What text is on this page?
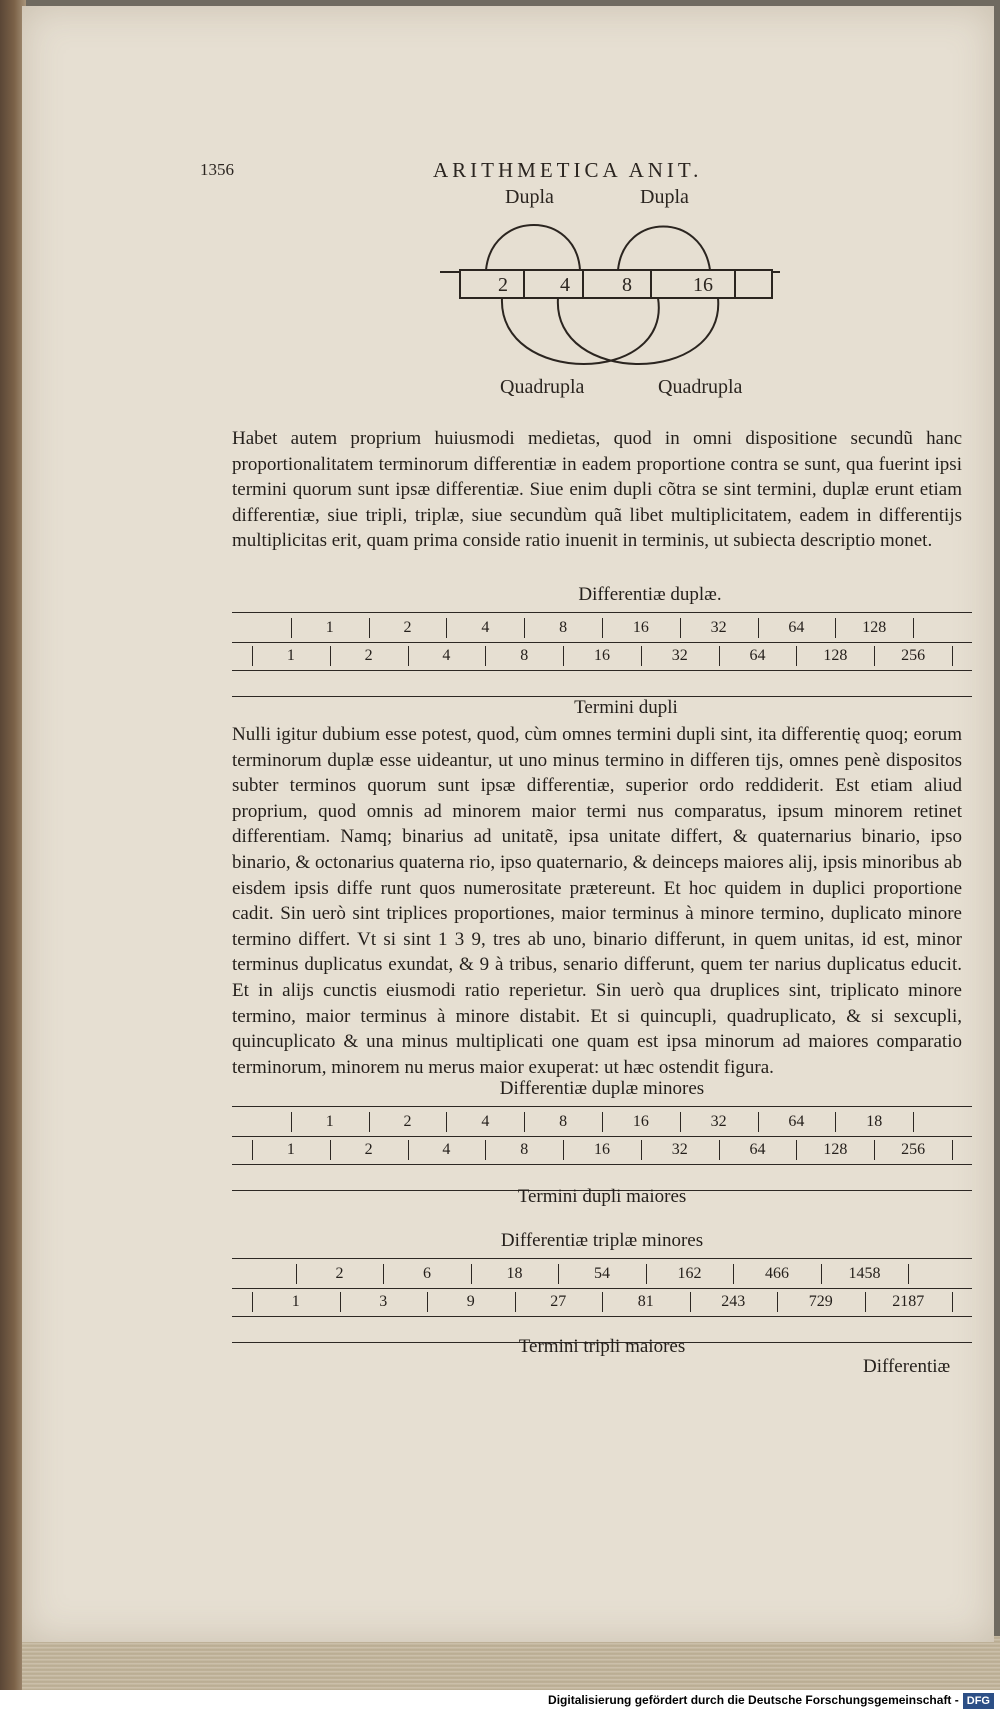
1356	ARITHMETICA ANIT.
Dupla	Dupla
2	4	8	16
Quadrupla	Quadrupla

Habet autem proprium huiusmodi medietas, quod in omni dispositione secundũ hanc proportionalitatem terminorum differentiæ in eadem proportione contra se sunt, qua fuerint ipsi termini quorum sunt ipsæ differentiæ. Siue enim dupli cõtra se sint termini, duplæ erunt etiam differentiæ, siue tripli, triplæ, siue secundùm quã libet multiplicitatem, eadem in differentijs multiplicitas erit, quam prima conside ratio inuenit in terminis, ut subiecta descriptio monet.

Differentiæ duplæ.
1	2	4	8	16	32	64	128
1	2	4	8	16	32	64	128	256
Termini dupli

Nulli igitur dubium esse potest, quod, cùm omnes termini dupli sint, ita differentię quoq; eorum terminorum duplæ esse uideantur, ut uno minus termino in differen tijs, omnes penè dispositos subter terminos quorum sunt ipsæ differentiæ, superior ordo reddiderit. Est etiam aliud proprium, quod omnis ad minorem maior termi nus comparatus, ipsum minorem retinet differentiam. Namq; binarius ad unitatẽ, ipsa unitate differt, & quaternarius binario, ipso binario, & octonarius quaterna rio, ipso quaternario, & deinceps maiores alij, ipsis minoribus ab eisdem ipsis diffe runt quos numerositate prætereunt. Et hoc quidem in duplici proportione cadit. Sin uerò sint triplices proportiones, maior terminus à minore termino, duplicato minore termino differt. Vt si sint 1 3 9, tres ab uno, binario differunt, in quem unitas, id est, minor terminus duplicatus exundat, & 9 à tribus, senario differunt, quem ter narius duplicatus educit. Et in alijs cunctis eiusmodi ratio reperietur. Sin uerò qua druplices sint, triplicato minore termino, maior terminus à minore distabit. Et si quincupli, quadruplicato, & si sexcupli, quincuplicato & una minus multiplicati one quam est ipsa minorum ad maiores comparatio terminorum, minorem nu merus maior exuperat: ut hæc ostendit figura.

Differentiæ duplæ minores
1	2	4	8	16	32	64	18
1	2	4	8	16	32	64	128	256
Termini dupli maiores
Differentiæ triplæ minores
2	6	18	54	162	466	1458
1	3	9	27	81	243	729	2187
Termini tripli maiores
Differentiæ
Digitalisierung gefördert durch die Deutsche Forschungsgemeinschaft - DFG
